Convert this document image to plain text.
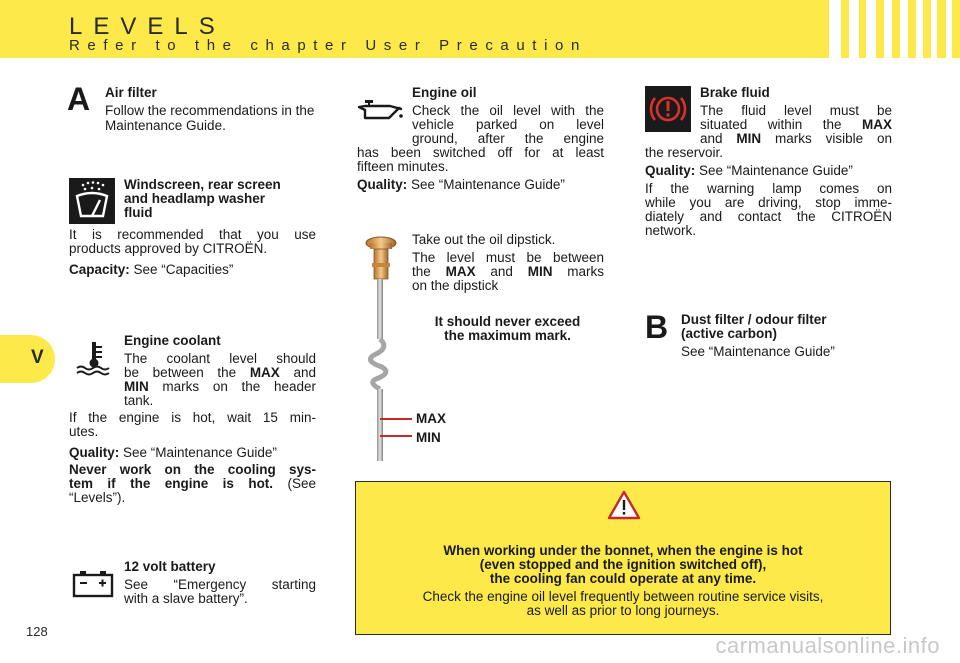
LEVELS
Refer to the chapter User Precaution
V
A Air filter
Follow the recommendations in the Maintenance Guide.
Windscreen, rear screen
and headlamp washer
fluid
It is recommended that you use
products approved by CITROËN.
Capacity: See “Capacities”
Engine coolant
The coolant level should
be between the MAX and
MIN marks on the header
tank.
If the engine is hot, wait 15 min-
utes.
Quality: See “Maintenance Guide”
Never work on the cooling sys-
tem if the engine is hot. (See
“Levels”).
12 volt battery
See “Emergency starting
with a slave battery”.
Engine oil
Check the oil level with the
vehicle parked on level
ground, after the engine
has been switched off for at least
fifteen minutes.
Quality: See “Maintenance Guide”
MAX
MIN
Take out the oil dipstick.
The level must be between
the MAX and MIN marks
on the dipstick
It should never exceed
the maximum mark.
Brake fluid
The fluid level must be
situated within the MAX
and MIN marks visible on
the reservoir.
Quality: See “Maintenance Guide”
If the warning lamp comes on
while you are driving, stop imme-
diately and contact the CITROËN
network.
B Dust filter / odour filter
(active carbon)
See “Maintenance Guide”
When working under the bonnet, when the engine is hot
(even stopped and the ignition switched off),
the cooling fan could operate at any time.
Check the engine oil level frequently between routine service visits,
as well as prior to long journeys.
128
carmanualsonline.info
